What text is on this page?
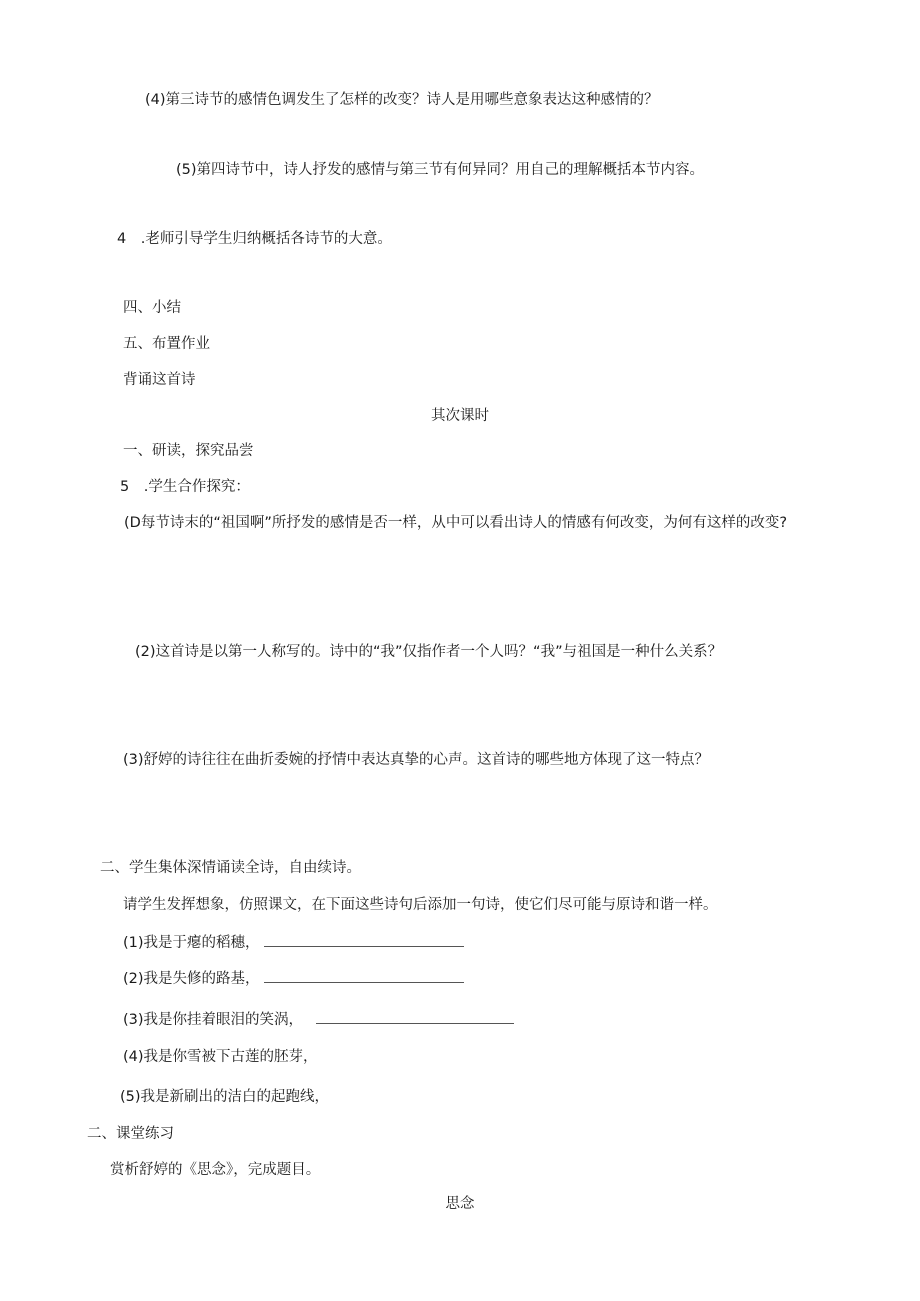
(4)第三诗节的感情色调发生了怎样的改变？诗人是用哪些意象表达这种感情的？
(5)第四诗节中，诗人抒发的感情与第三节有何异同？用自己的理解概括本节内容。
4　.老师引导学生归纳概括各诗节的大意。
四、小结
五、布置作业
背诵这首诗
其次课时
一、研读，探究品尝
5　.学生合作探究：
(D每节诗末的“祖国啊”所抒发的感情是否一样，从中可以看出诗人的情感有何改变，为何有这样的改变?
(2)这首诗是以第一人称写的。诗中的“我”仅指作者一个人吗？“我”与祖国是一种什么关系？
(3)舒婷的诗往往在曲折委婉的抒情中表达真挚的心声。这首诗的哪些地方体现了这一特点？
二、学生集体深情诵读全诗，自由续诗。
请学生发挥想象，仿照课文，在下面这些诗句后添加一句诗，使它们尽可能与原诗和谐一样。
(1)我是于瘪的稻穗，
(2)我是失修的路基，
(3)我是你挂着眼泪的笑涡，
(4)我是你雪被下古莲的胚芽，
(5)我是新刷出的洁白的起跑线，
二、课堂练习
赏析舒婷的《思念》，完成题目。
思念
